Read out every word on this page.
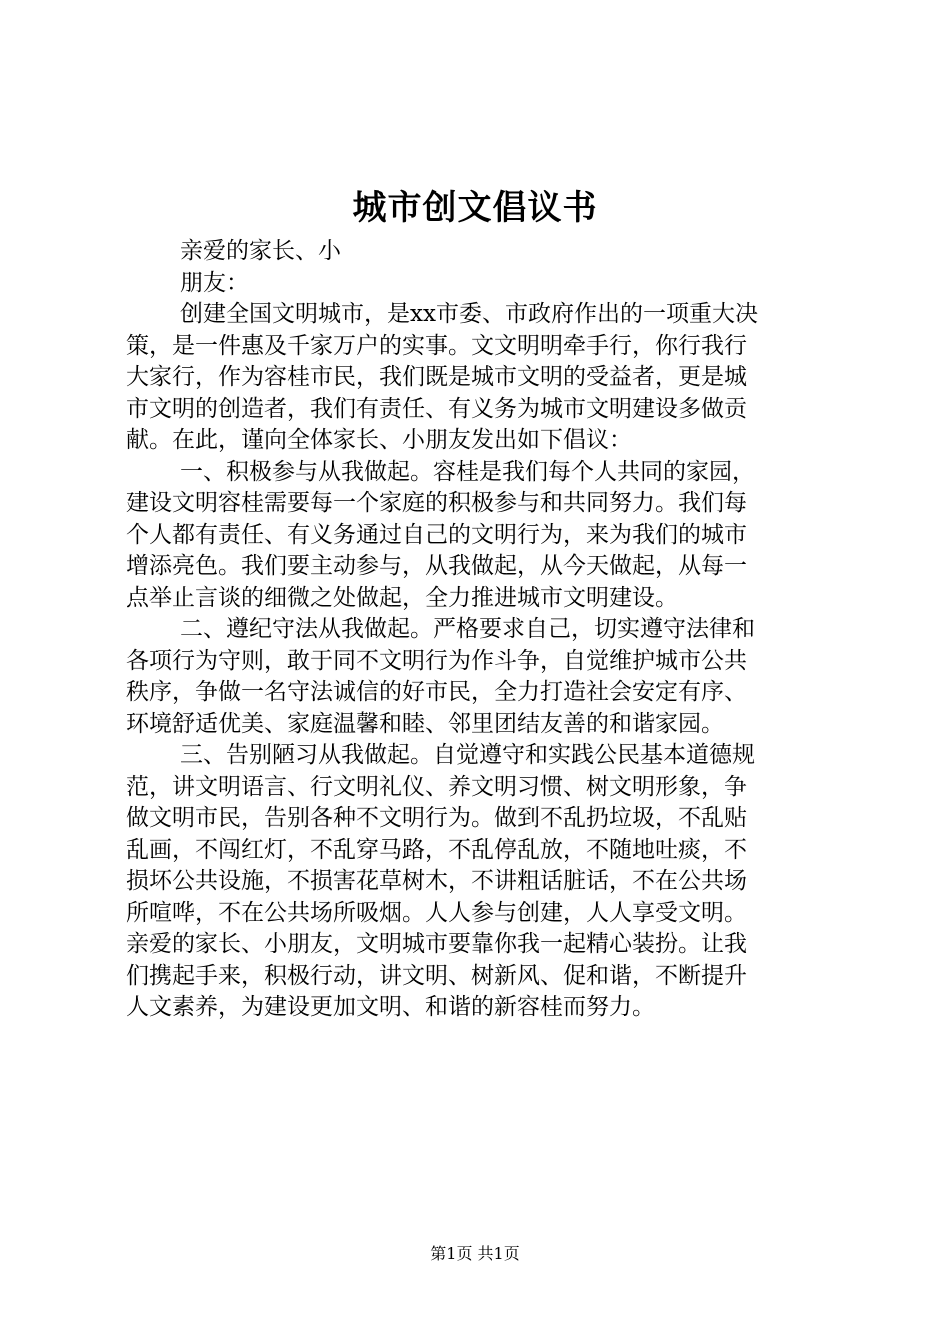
城市创文倡议书
亲爱的家长、小
朋友：
创建全国文明城市，是xx市委、市政府作出的一项重大决
策，是一件惠及千家万户的实事。文文明明牵手行，你行我行
大家行，作为容桂市民，我们既是城市文明的受益者，更是城
市文明的创造者，我们有责任、有义务为城市文明建设多做贡
献。在此，谨向全体家长、小朋友发出如下倡议：
一、积极参与从我做起。容桂是我们每个人共同的家园，
建设文明容桂需要每一个家庭的积极参与和共同努力。我们每
个人都有责任、有义务通过自己的文明行为，来为我们的城市
增添亮色。我们要主动参与，从我做起，从今天做起，从每一
点举止言谈的细微之处做起，全力推进城市文明建设。
二、遵纪守法从我做起。严格要求自己，切实遵守法律和
各项行为守则，敢于同不文明行为作斗争，自觉维护城市公共
秩序，争做一名守法诚信的好市民，全力打造社会安定有序、
环境舒适优美、家庭温馨和睦、邻里团结友善的和谐家园。
三、告别陋习从我做起。自觉遵守和实践公民基本道德规
范，讲文明语言、行文明礼仪、养文明习惯、树文明形象，争
做文明市民，告别各种不文明行为。做到不乱扔垃圾，不乱贴
乱画，不闯红灯，不乱穿马路，不乱停乱放，不随地吐痰，不
损坏公共设施，不损害花草树木，不讲粗话脏话，不在公共场
所喧哗，不在公共场所吸烟。人人参与创建，人人享受文明。
亲爱的家长、小朋友，文明城市要靠你我一起精心装扮。让我
们携起手来，积极行动，讲文明、树新风、促和谐，不断提升
人文素养，为建设更加文明、和谐的新容桂而努力。
第1页 共1页
